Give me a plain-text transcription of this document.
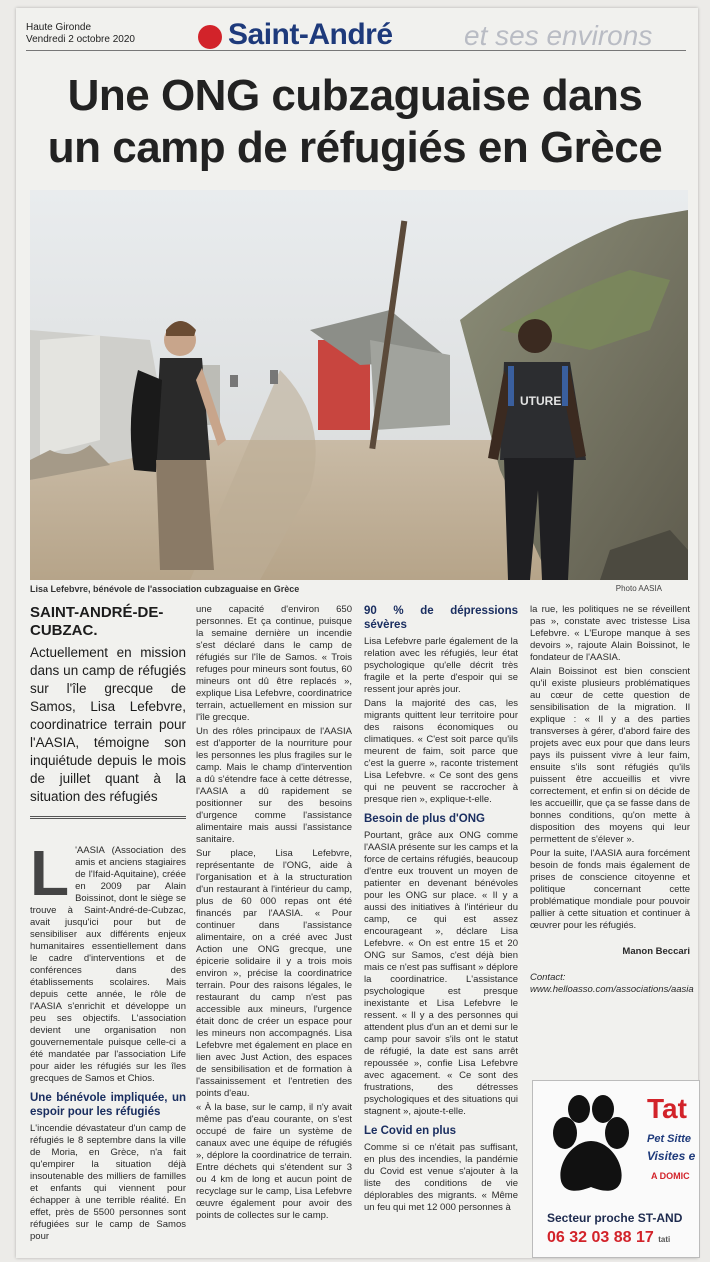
Haute Gironde
Vendredi 2 octobre 2020	Saint-André	et ses environs
Une ONG cubzaguaise dans
un camp de réfugiés en Grèce
UTURE
Lisa Lefebvre, bénévole de l'association cubzaguaise en Grèce	Photo AASIA
SAINT-ANDRÉ-DE-CUBZAC.
Actuellement en mission dans un camp de réfugiés sur l'île grecque de Samos, Lisa Lefebvre, coordinatrice terrain pour l'AASIA, témoigne son inquiétude depuis le mois de juillet quant à la situation des réfugiés
L 'AASIA (Association des amis et anciens stagiaires de l'Ifaid-Aquitaine), créée en 2009 par Alain Boissinot, dont le siège se trouve à Saint-André-de-Cubzac, avait jusqu'ici pour but de sensibiliser aux différents enjeux humanitaires essentiellement dans le cadre d'interventions et de conférences dans des établissements scolaires. Mais depuis cette année, le rôle de l'AASIA s'enrichit et développe un peu ses objectifs. L'association devient une organisation non gouvernementale puisque celle-ci a été mandatée par l'association Life pour aider les réfugiés sur les îles grecques de Samos et Chios.

Une bénévole impliquée, un espoir pour les réfugiés

L'incendie dévastateur d'un camp de réfugiés le 8 septembre dans la ville de Moria, en Grèce, n'a fait qu'empirer la situation déjà insoutenable des milliers de familles et enfants qui viennent pour échapper à une terrible réalité. En effet, près de 5500 personnes sont réfugiées sur le camp de Samos pour

une capacité d'environ 650 personnes. Et ça continue, puisque la semaine dernière un incendie s'est déclaré dans le camp de réfugiés sur l'île de Samos. « Trois refuges pour mineurs sont foutus, 60 mineurs ont dû être replacés », explique Lisa Lefebvre, coordinatrice terrain, actuellement en mission sur l'île grecque.

Un des rôles principaux de l'AASIA est d'apporter de la nourriture pour les personnes les plus fragiles sur le camp. Mais le champ d'intervention a dû s'étendre face à cette détresse, l'AASIA a dû rapidement se positionner sur des besoins d'urgence comme l'assistance alimentaire mais aussi l'assistance sanitaire.

Sur place, Lisa Lefebvre, représentante de l'ONG, aide à l'organisation et à la structuration d'un restaurant à l'intérieur du camp, plus de 60 000 repas ont été financés par l'AASIA. « Pour continuer dans l'assistance alimentaire, on a créé avec Just Action une ONG grecque, une épicerie solidaire il y a trois mois environ », précise la coordinatrice terrain. Pour des raisons légales, le restaurant du camp n'est pas accessible aux mineurs, l'urgence était donc de créer un espace pour les mineurs non accompagnés. Lisa Lefebvre met également en place en lien avec Just Action, des espaces de sensibilisation et de formation à l'assainissement et l'entretien des points d'eau.

« À la base, sur le camp, il n'y avait même pas d'eau courante, on s'est occupé de faire un système de canaux avec une équipe de réfugiés », déplore la coordinatrice de terrain. Entre déchets qui s'étendent sur 3 ou 4 km de long et aucun point de recyclage sur le camp, Lisa Lefebvre œuvre également pour avoir des points de collectes sur le camp.

90 % de dépressions sévères

Lisa Lefebvre parle également de la relation avec les réfugiés, leur état psychologique qu'elle décrit très fragile et la perte d'espoir qui se ressent jour après jour.

Dans la majorité des cas, les migrants quittent leur territoire pour des raisons économiques ou climatiques. « C'est soit parce qu'ils meurent de faim, soit parce que c'est la guerre », raconte tristement Lisa Lefebvre. « Ce sont des gens qui ne peuvent se raccrocher à presque rien », explique-t-elle.

Besoin de plus d'ONG

Pourtant, grâce aux ONG comme l'AASIA présente sur les camps et la force de certains réfugiés, beaucoup d'entre eux trouvent un moyen de patienter en devenant bénévoles pour les ONG sur place. « Il y a aussi des initiatives à l'intérieur du camp, ce qui est assez encourageant », déclare Lisa Lefebvre. « On est entre 15 et 20 ONG sur Samos, c'est déjà bien mais ce n'est pas suffisant » déplore la coordinatrice. L'assistance psychologique est presque inexistante et Lisa Lefebvre le ressent. « Il y a des personnes qui attendent plus d'un an et demi sur le camp pour savoir s'ils ont le statut de réfugié, la date est sans arrêt repoussée », confie Lisa Lefebvre avec agacement. « Ce sont des frustrations, des détresses psychologiques et des situations qui stagnent », ajoute-t-elle.

Le Covid en plus

Comme si ce n'était pas suffisant, en plus des incendies, la pandémie du Covid est venue s'ajouter à la liste des conditions de vie déplorables des migrants. « Même un feu qui met 12 000 personnes à

la rue, les politiques ne se réveillent pas », constate avec tristesse Lisa Lefebvre. « L'Europe manque à ses devoirs », rajoute Alain Boissinot, le fondateur de l'AASIA.

Alain Boissinot est bien conscient qu'il existe plusieurs problématiques au cœur de cette question de sensibilisation de la migration. Il explique : « Il y a des parties transverses à gérer, d'abord faire des projets avec eux pour que dans leurs pays ils puissent vivre à leur faim, ensuite s'ils sont réfugiés qu'ils puissent être accueillis et vivre correctement, et enfin si on décide de les accueillir, que ça se fasse dans de bonnes conditions, qu'on mette à disposition des moyens qui leur permettent de s'élever ».

Pour la suite, l'AASIA aura forcément besoin de fonds mais également de prises de conscience citoyenne et politique concernant cette problématique mondiale pour pouvoir pallier à cette situation et continuer à œuvrer pour les réfugiés.

Manon Beccari
Contact: www.helloasso.com/associations/aasia
Tat
Pet Sitte
Visites e
A DOMIC
Secteur proche ST-AND
06 32 03 88 17 tati
